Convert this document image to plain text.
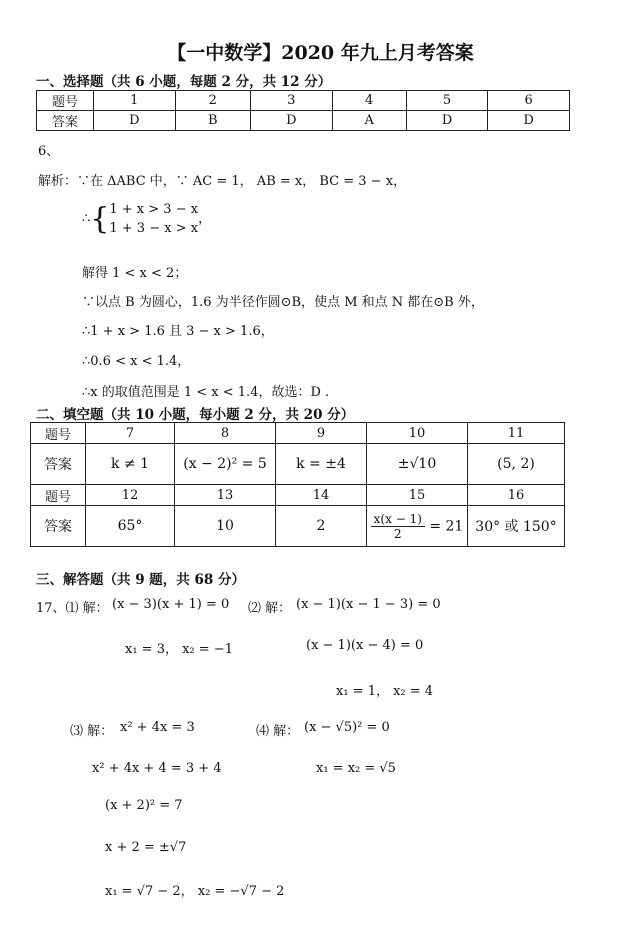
【一中数学】2020 年九上月考答案
一、选择题（共 6 小题，每题 2 分，共 12 分）
题号	1	2	3	4	5	6
答案	D	B	D	A	D	D
6、
解析：∵在 ΔABC 中，∵ AC = 1， AB = x， BC = 3 − x，
∴{1 + x > 3 − x
1 + 3 − x > x，
解得 1 < x < 2；
∵以点 B 为圆心，1.6 为半径作圆⊙B，使点 M 和点 N 都在⊙B 外，
∴1 + x > 1.6 且 3 − x > 1.6，
∴0.6 < x < 1.4，
∴x 的取值范围是 1 < x < 1.4，故选：D .
二、填空题（共 10 小题，每小题 2 分，共 20 分）
题号	7	8	9	10	11
答案	k ≠ 1	(x − 2)² = 5	k = ±4	±√10	(5, 2)
题号	12	13	14	15	16
答案	65°	10	2	$\frac{x(x - 1)}{2} = 21$	30° 或 150°
三、解答题（共 9 题，共 68 分）
17、⑴ 解： (x − 3)(x + 1) = 0
x₁ = 3， x₂ = −1
⑵ 解： (x − 1)(x − 1 − 3) = 0
(x − 1)(x − 4) = 0
x₁ = 1， x₂ = 4
⑶ 解： x² + 4x = 3
x² + 4x + 4 = 3 + 4
(x + 2)² = 7
x + 2 = ±√7
x₁ = √7 − 2， x₂ = −√7 − 2
⑷ 解： (x − √5)² = 0
x₁ = x₂ = √5
